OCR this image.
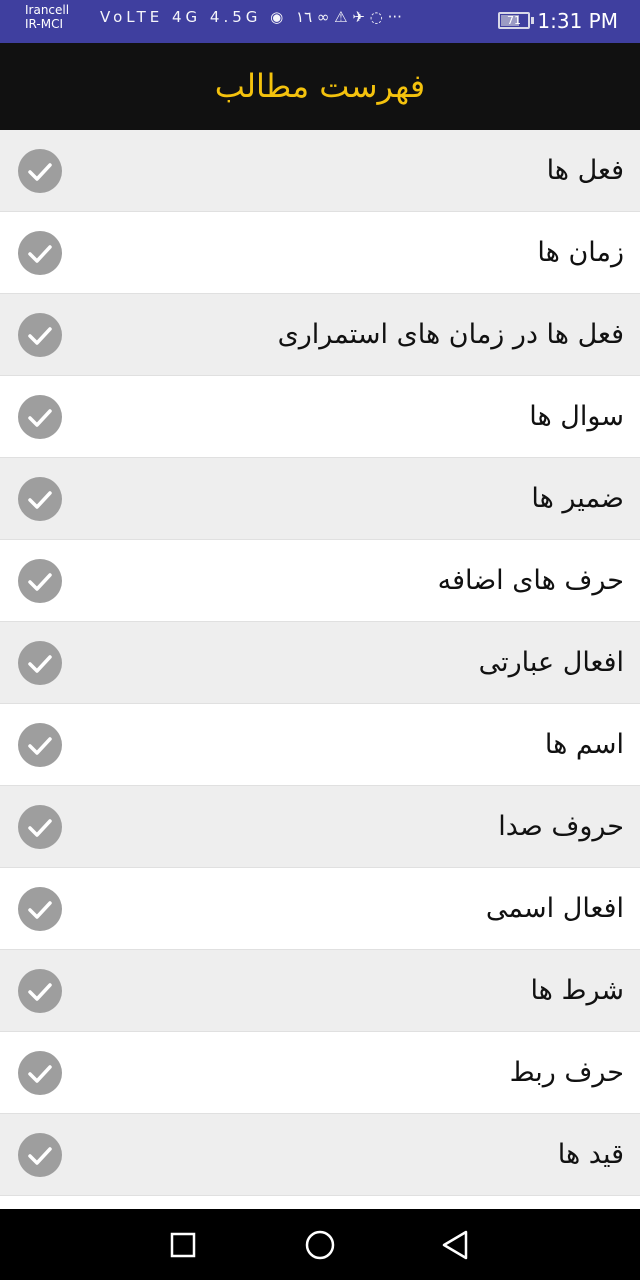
Irancell
IR-MCI	VoLTE 4G 4.5G ◉ ١٦ ∞ ⚠ ✈ ◌ ···	71 1:31 PM
فهرست مطالب
فعل ها
زمان ها
فعل ها در زمان های استمراری
سوال ها
ضمیر ها
حرف های اضافه
افعال عبارتی
اسم ها
حروف صدا
افعال اسمی
شرط ها
حرف ربط
قید ها
